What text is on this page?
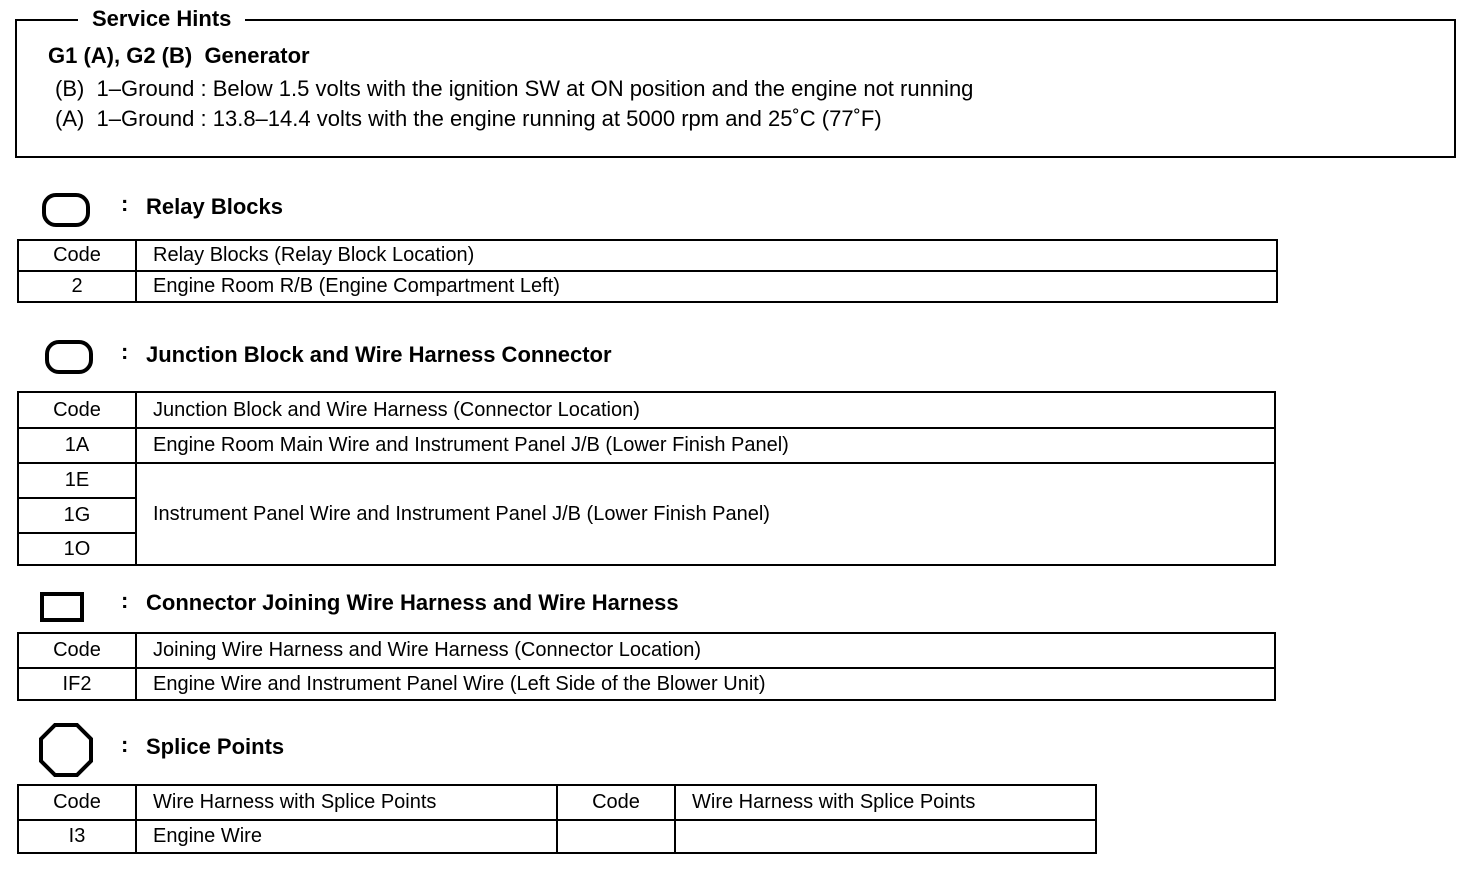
Service Hints
G1 (A), G2 (B)  Generator
(B)  1–Ground : Below 1.5 volts with the ignition SW at ON position and the engine not running
(A)  1–Ground : 13.8–14.4 volts with the engine running at 5000 rpm and 25˚C (77˚F)
: Relay Blocks
Code	Relay Blocks (Relay Block Location)
2	Engine Room R/B (Engine Compartment Left)
: Junction Block and Wire Harness Connector
Code	Junction Block and Wire Harness (Connector Location)
1A	Engine Room Main Wire and Instrument Panel J/B (Lower Finish Panel)
1E	Instrument Panel Wire and Instrument Panel J/B (Lower Finish Panel)
1G	
1O	
: Connector Joining Wire Harness and Wire Harness
Code	Joining Wire Harness and Wire Harness (Connector Location)
IF2	Engine Wire and Instrument Panel Wire (Left Side of the Blower Unit)
: Splice Points
Code	Wire Harness with Splice Points	Code	Wire Harness with Splice Points
I3	Engine Wire		
